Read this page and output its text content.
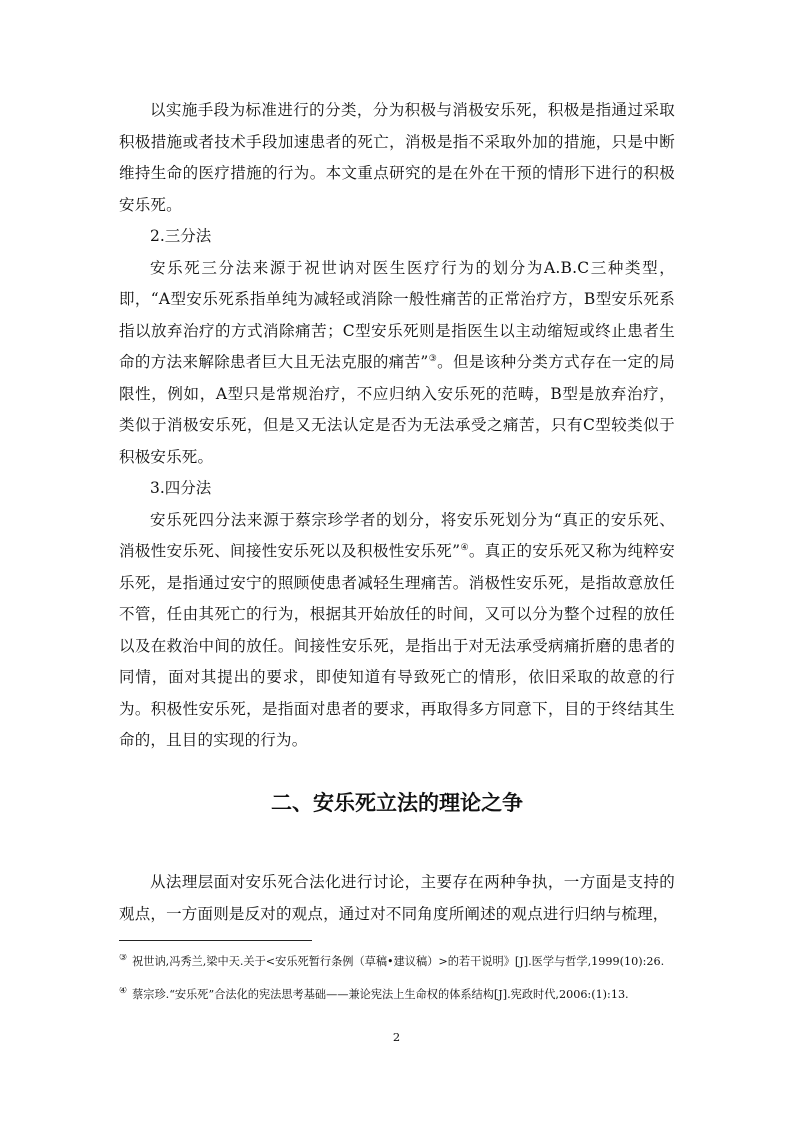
以实施手段为标准进行的分类，分为积极与消极安乐死，积极是指通过采取积极措施或者技术手段加速患者的死亡，消极是指不采取外加的措施，只是中断维持生命的医疗措施的行为。本文重点研究的是在外在干预的情形下进行的积极安乐死。

2.三分法

安乐死三分法来源于祝世讷对医生医疗行为的划分为A.B.C三种类型，即，“A型安乐死系指单纯为减轻或消除一般性痛苦的正常治疗方，B型安乐死系指以放弃治疗的方式消除痛苦；C型安乐死则是指医生以主动缩短或终止患者生命的方法来解除患者巨大且无法克服的痛苦”③。但是该种分类方式存在一定的局限性，例如，A型只是常规治疗，不应归纳入安乐死的范畴，B型是放弃治疗，类似于消极安乐死，但是又无法认定是否为无法承受之痛苦，只有C型较类似于积极安乐死。

3.四分法

安乐死四分法来源于蔡宗珍学者的划分，将安乐死划分为“真正的安乐死、消极性安乐死、间接性安乐死以及积极性安乐死”④。真正的安乐死又称为纯粹安乐死，是指通过安宁的照顾使患者减轻生理痛苦。消极性安乐死，是指故意放任不管，任由其死亡的行为，根据其开始放任的时间，又可以分为整个过程的放任以及在救治中间的放任。间接性安乐死，是指出于对无法承受病痛折磨的患者的同情，面对其提出的要求，即使知道有导致死亡的情形，依旧采取的故意的行为。积极性安乐死，是指面对患者的要求，再取得多方同意下，目的于终结其生命的，且目的实现的行为。

二、安乐死立法的理论之争

从法理层面对安乐死合法化进行讨论，主要存在两种争执，一方面是支持的观点，一方面则是反对的观点，通过对不同角度所阐述的观点进行归纳与梳理，

③ 祝世讷,冯秀兰,梁中天.关于<安乐死暂行条例（草稿•建议稿）>的若干说明》[J].医学与哲学,1999(10):26.

④ 蔡宗珍.“安乐死”合法化的宪法思考基础——兼论宪法上生命权的体系结构[J].宪政时代,2006:(1):13.

2
